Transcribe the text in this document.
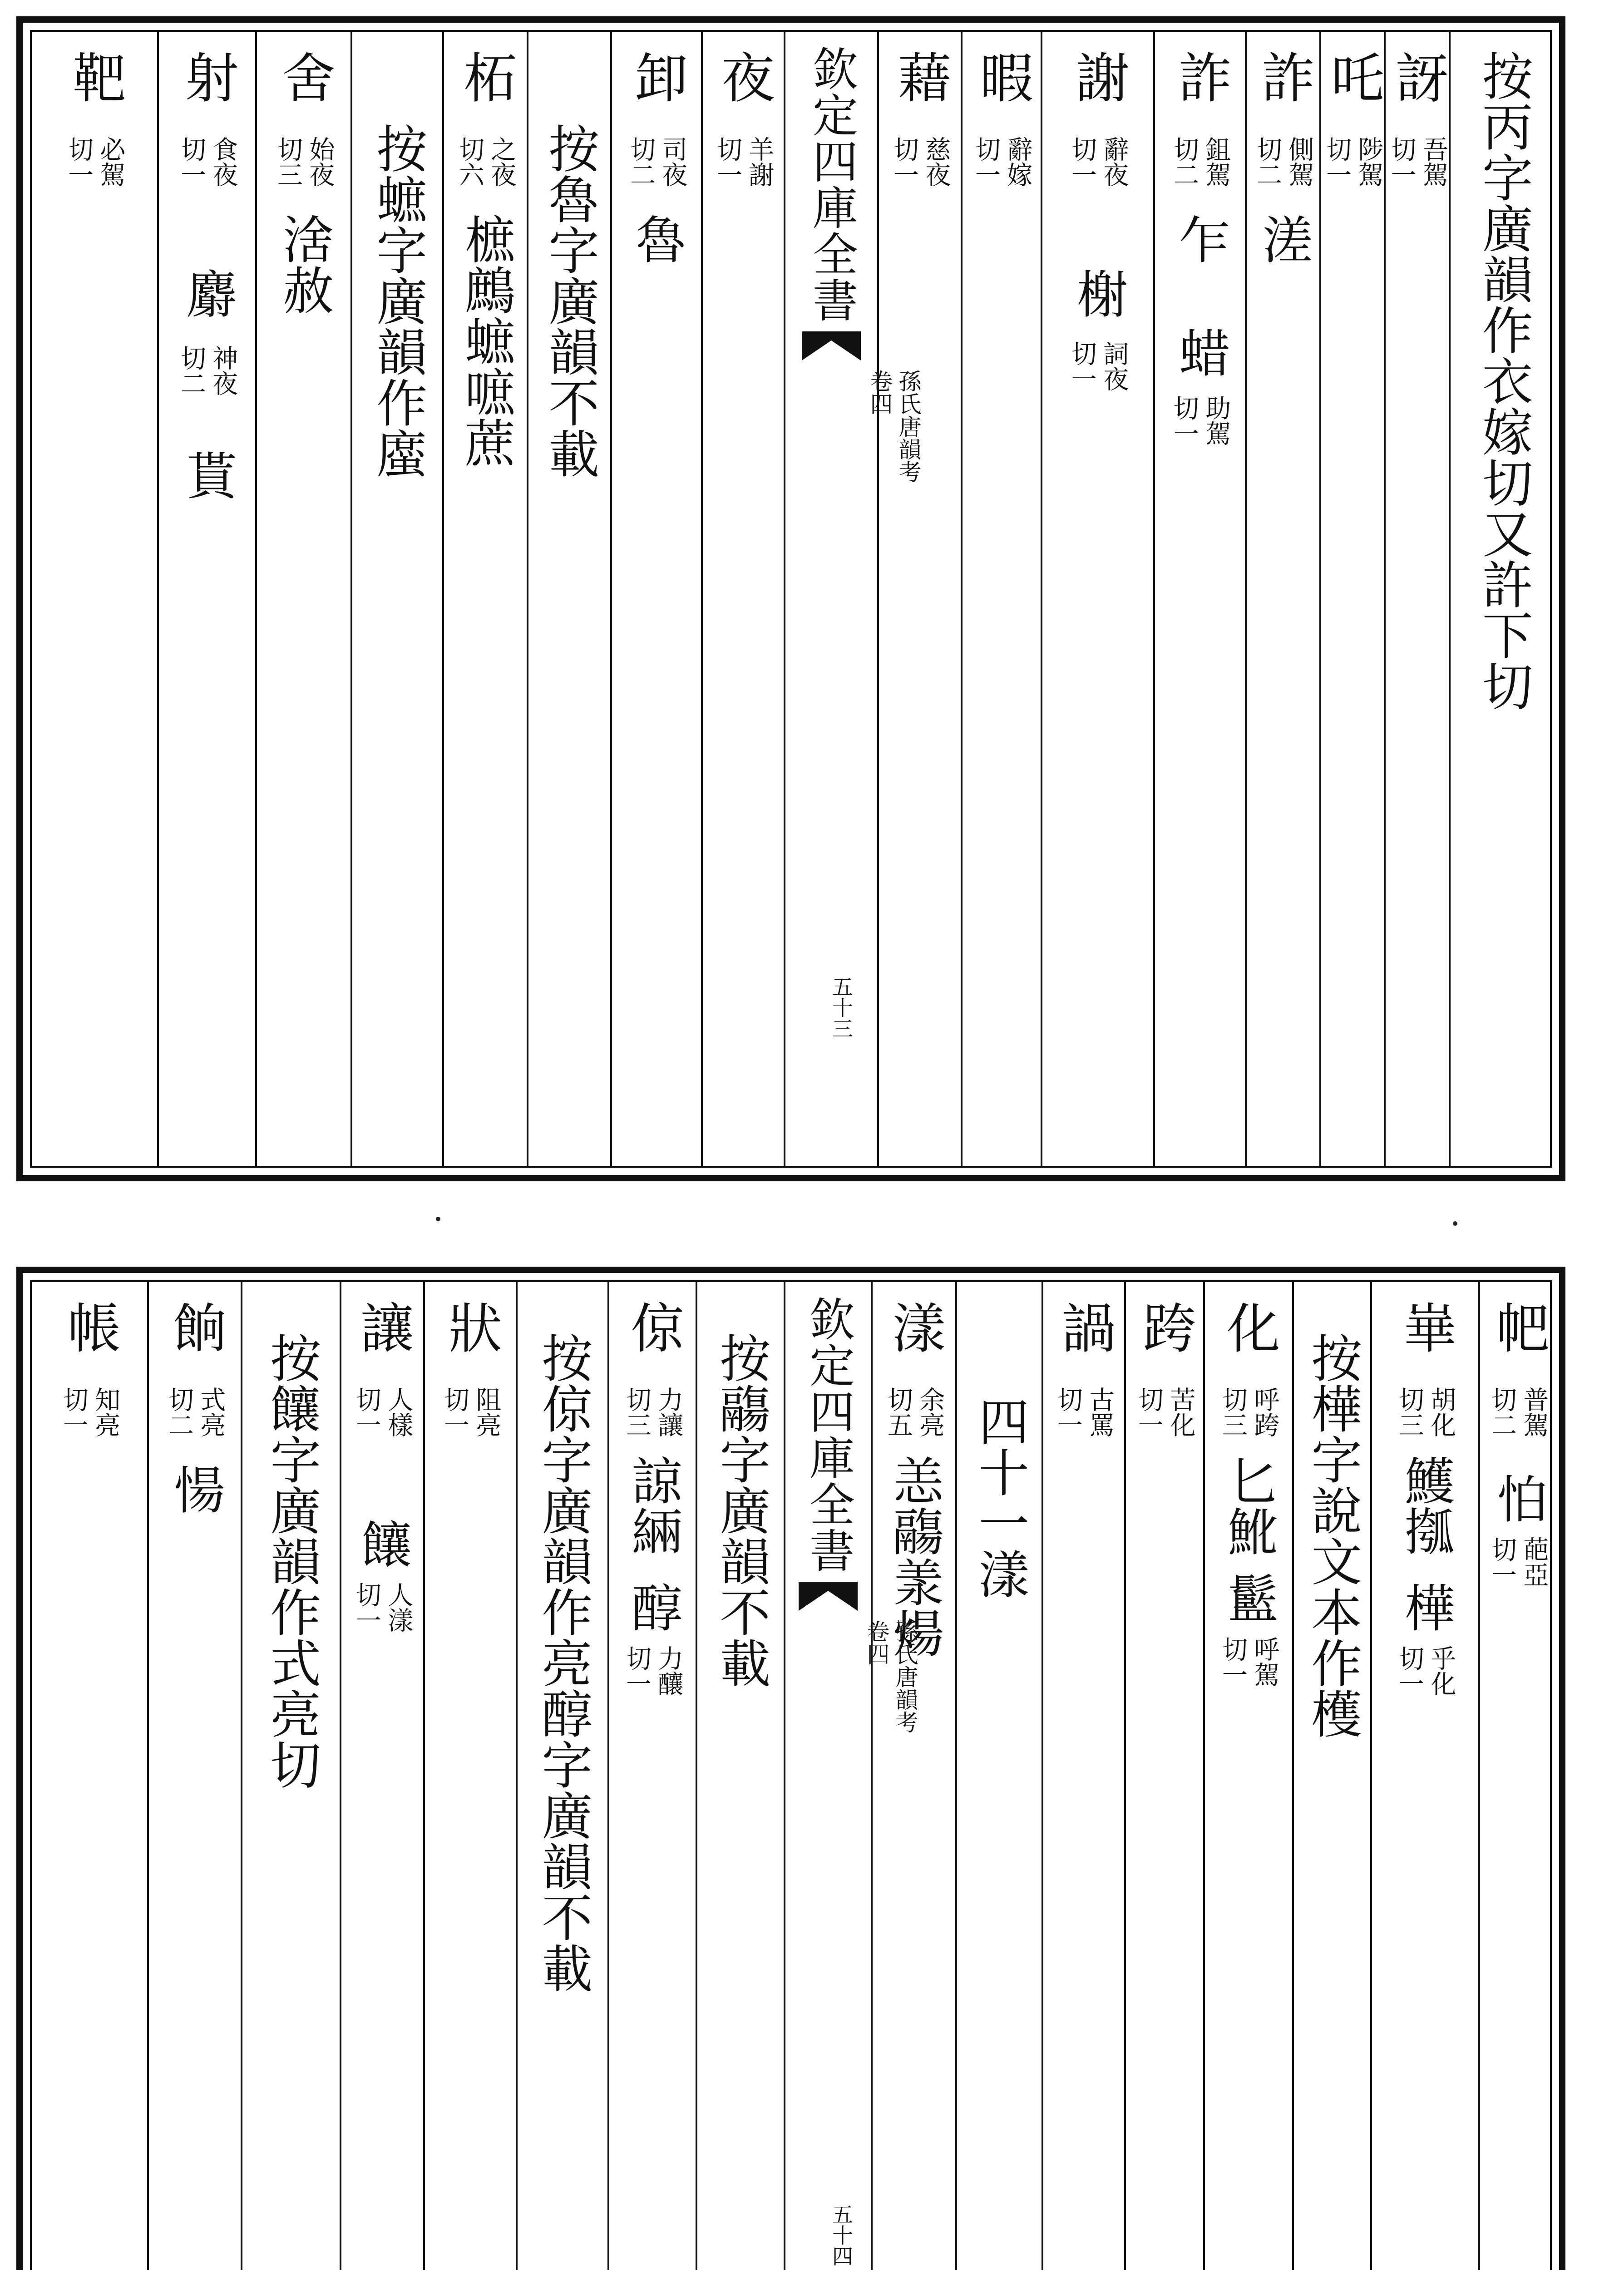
按丙字廣韻作衣嫁切又許下切
訝
吾駕
切一
吒
陟駕
切一
詐
側駕
切二
溠
詐
鉏駕
切二
乍
蜡
助駕
切一
謝
辭夜
切一
榭
詞夜
切一
暇
辭嫁
切一
藉
慈夜
切一
欽定四庫全書
孫氏唐韻考
卷四
五十三
夜
羊謝
切一
卸
司夜
切二
魯
按魯字廣韻不載
柘
之夜
切六
樜鷓蟅嗻蔗
按蟅字廣韻作䗪
舍
始夜
切三
涻赦
射
食夜
切一
麝
神夜
切二
貰
靶
必駕
切一
帊
普駕
切二
怕
葩亞
切一
崋
胡化
切三
鱯摦
樺
乎化
切一
按樺字說文本作檴
化
呼跨
切三
匕魤
䰐
呼駕
切一
跨
苦化
切一
諣
古罵
切一
四十一漾
漾
余亮
切五
恙鬺羕煬
欽定四庫全書
孫氏唐韻考
卷四
五十四
按鬺字廣韻不載
倞
力讓
切三
諒緉
醇
力釀
切一
按倞字廣韻作亮醇字廣韻不載
狀
阻亮
切一
讓
人樣
切一
饟
人漾
切一
按饟字廣韻作式亮切
餉
式亮
切二
愓
帳
知亮
切一
